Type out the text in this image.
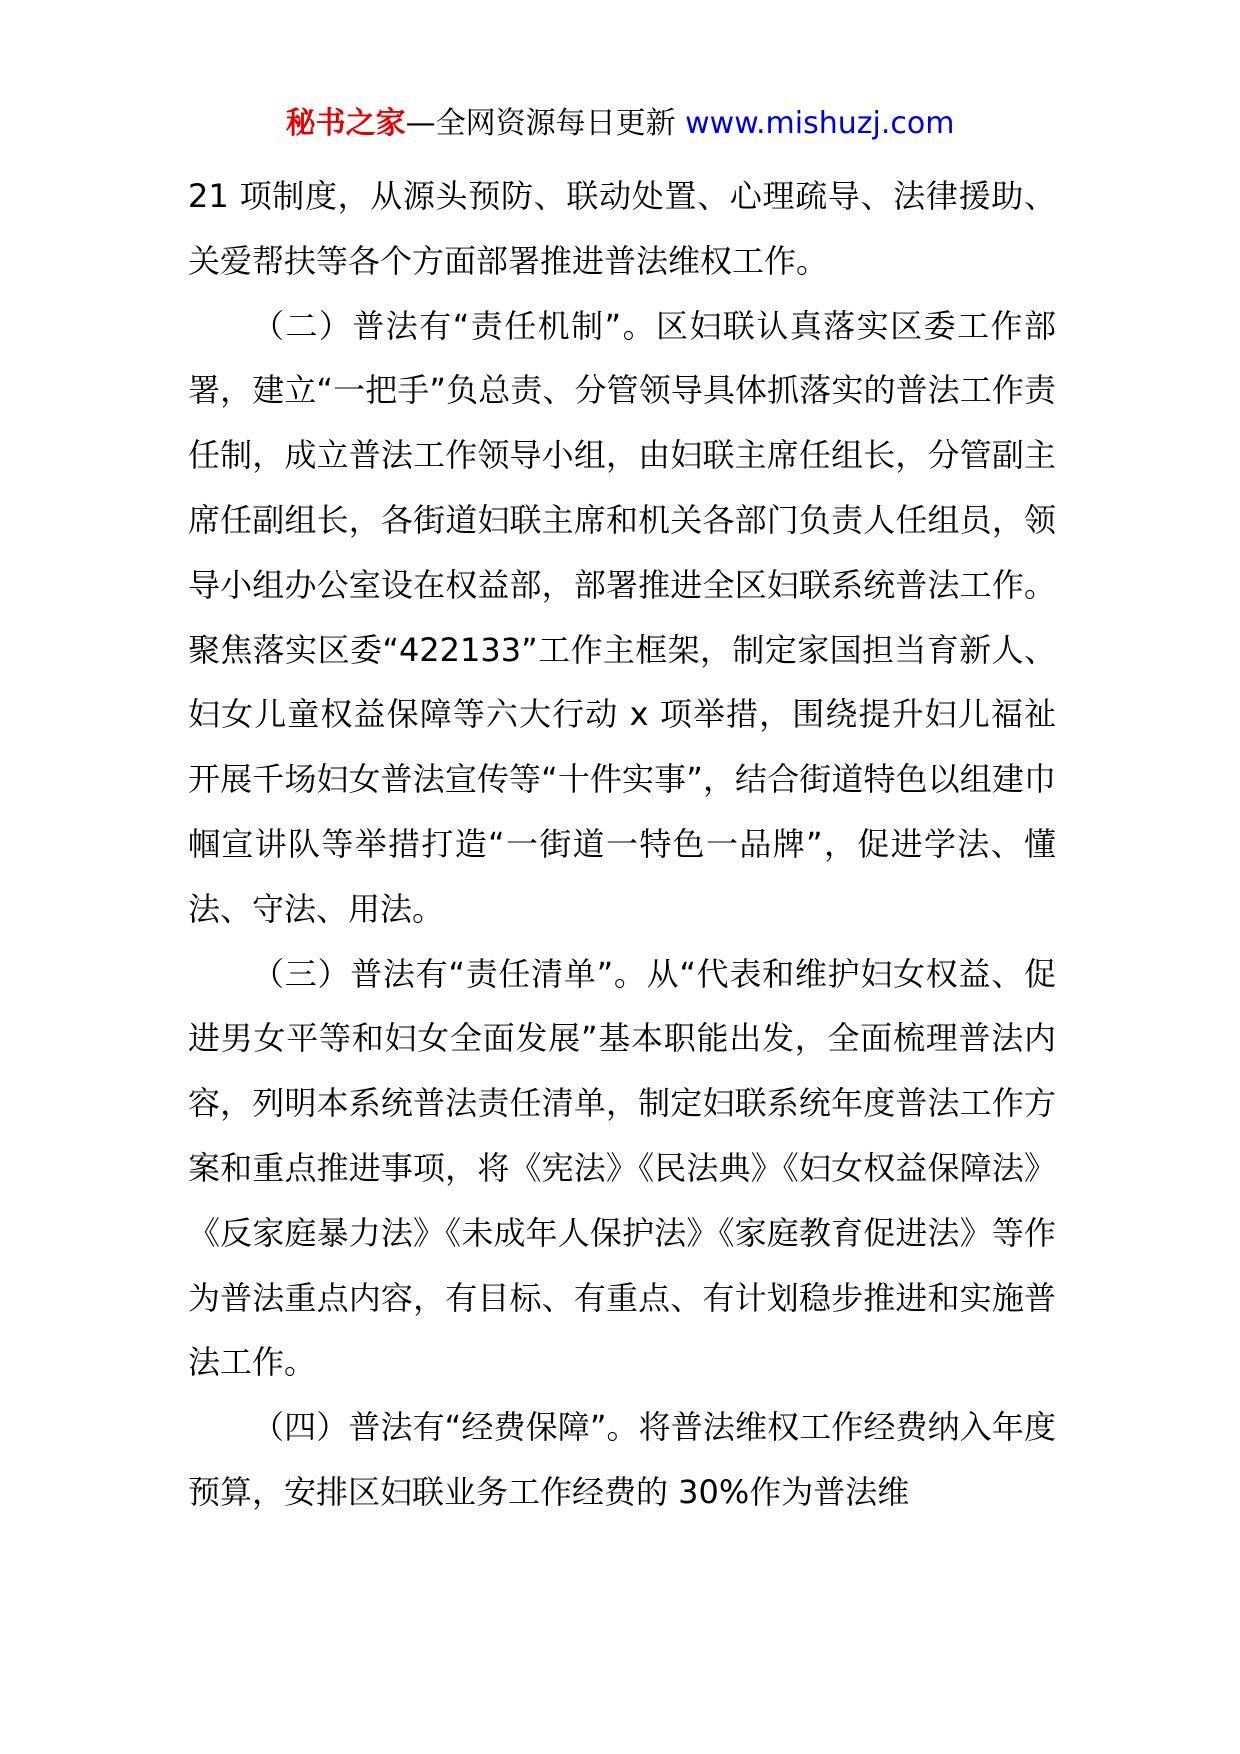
秘书之家—全网资源每日更新 www.mishuzj.com

21 项制度，从源头预防、联动处置、心理疏导、法律援助、关爱帮扶等各个方面部署推进普法维权工作。

（二）普法有“责任机制”。区妇联认真落实区委工作部署，建立“一把手”负总责、分管领导具体抓落实的普法工作责任制，成立普法工作领导小组，由妇联主席任组长，分管副主席任副组长，各街道妇联主席和机关各部门负责人任组员，领导小组办公室设在权益部，部署推进全区妇联系统普法工作。聚焦落实区委“422133”工作主框架，制定家国担当育新人、妇女儿童权益保障等六大行动 x 项举措，围绕提升妇儿福祉开展千场妇女普法宣传等“十件实事”，结合街道特色以组建巾帼宣讲队等举措打造“一街道一特色一品牌”，促进学法、懂法、守法、用法。

（三）普法有“责任清单”。从“代表和维护妇女权益、促进男女平等和妇女全面发展”基本职能出发，全面梳理普法内容，列明本系统普法责任清单，制定妇联系统年度普法工作方案和重点推进事项，将《宪法》《民法典》《妇女权益保障法》《反家庭暴力法》《未成年人保护法》《家庭教育促进法》等作为普法重点内容，有目标、有重点、有计划稳步推进和实施普法工作。

（四）普法有“经费保障”。将普法维权工作经费纳入年度预算，安排区妇联业务工作经费的 30%作为普法维
